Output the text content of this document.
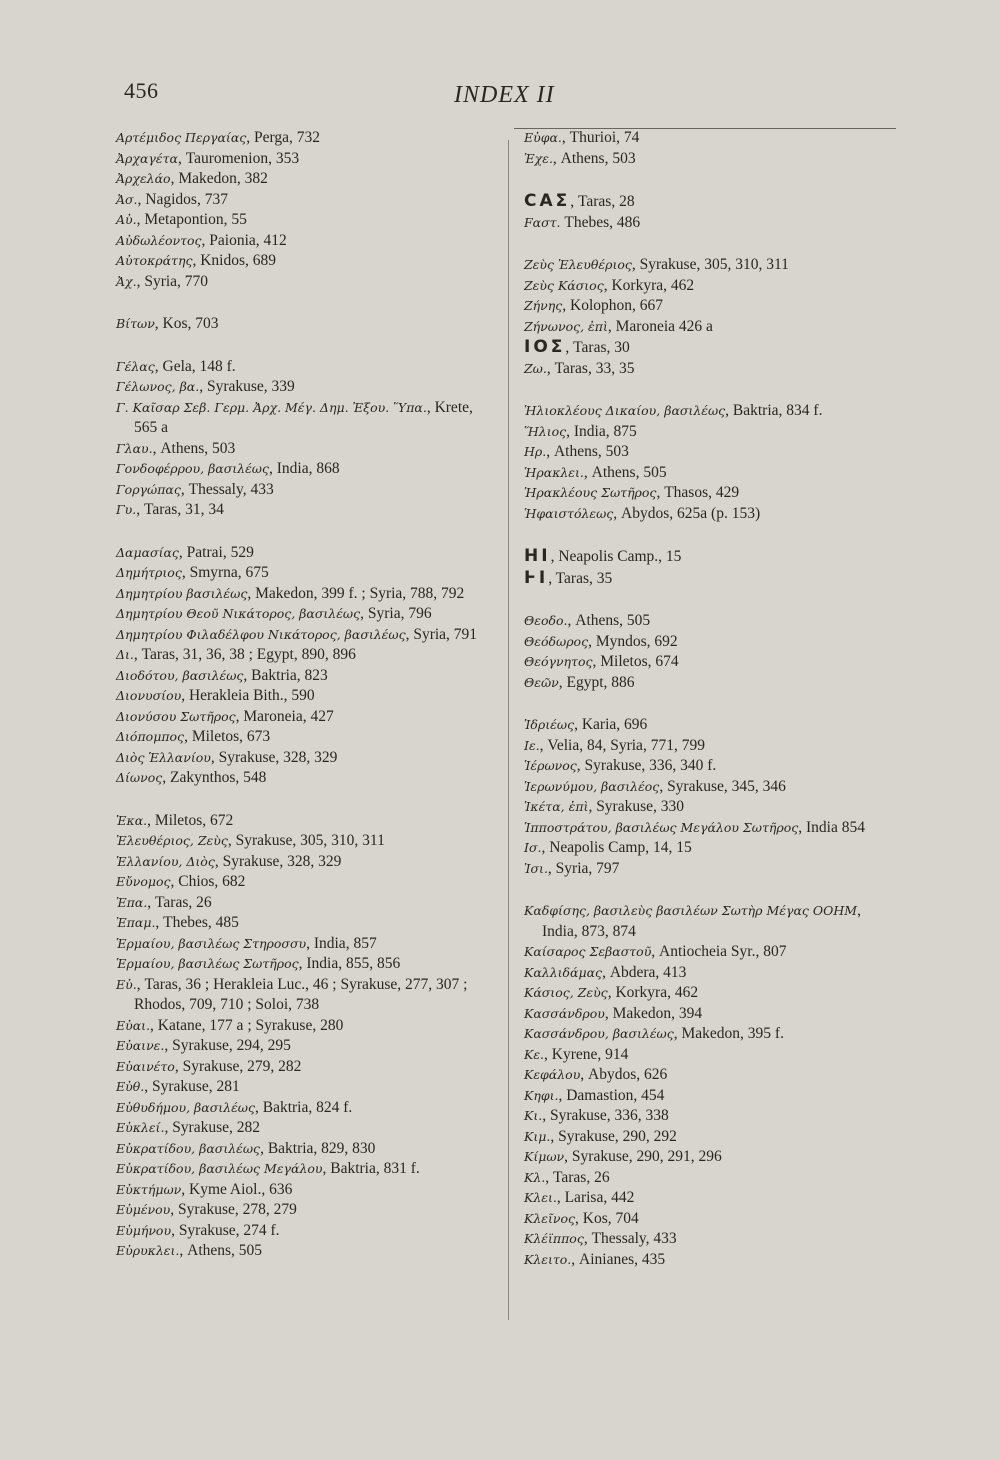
456	INDEX II
Αρτέμιδος Περγαίας, Perga, 732
Ἀρχαγέτα, Tauromenion, 353
Ἀρχελάο, Makedon, 382
Ἀσ., Nagidos, 737
Αὐ., Metapontion, 55
Αὐδωλέοντος, Paionia, 412
Αὐτοκράτης, Knidos, 689
Ἀχ., Syria, 770
Βίτων, Kos, 703
Γέλας, Gela, 148 f.
Γέλωνος, βα., Syrakuse, 339
Γ. Καῖσαρ Σεβ. Γερμ. Ἀρχ. Μέγ. Δημ. Ἐξου. Ὕπα., Krete, 565 a
Γλαυ., Athens, 503
Γονδοφέρρου, βασιλέως, India, 868
Γοργώπας, Thessaly, 433
Γυ., Taras, 31, 34
Δαμασίας, Patrai, 529
Δημήτριος, Smyrna, 675
Δημητρίου βασιλέως, Makedon, 399 f. ; Syria, 788, 792
Δημητρίου Θεοῦ Νικάτορος, βασιλέως, Syria, 796
Δημητρίου Φιλαδέλφου Νικάτορος, βασιλέως, Syria, 791
Δι., Taras, 31, 36, 38 ; Egypt, 890, 896
Διοδότου, βασιλέως, Baktria, 823
Διονυσίου, Herakleia Bith., 590
Διονύσου Σωτῆρος, Maroneia, 427
Διόπομπος, Miletos, 673
Διὸς Ἑλλανίου, Syrakuse, 328, 329
Δίωνος, Zakynthos, 548
Ἑκα., Miletos, 672
Ἐλευθέριος, Ζεὺς, Syrakuse, 305, 310, 311
Ἑλλανίου, Διὸς, Syrakuse, 328, 329
Εὔνομος, Chios, 682
Ἐπα., Taras, 26
Ἐπαμ., Thebes, 485
Ἑρμαίου, βασιλέως Στηροσσυ, India, 857
Ἑρμαίου, βασιλέως Σωτῆρος, India, 855, 856
Εὐ., Taras, 36 ; Herakleia Luc., 46 ; Syrakuse, 277, 307 ; Rhodos, 709, 710 ; Soloi, 738
Εὐαι., Katane, 177 a ; Syrakuse, 280
Εὐαινε., Syrakuse, 294, 295
Εὐαινέτο, Syrakuse, 279, 282
Εὐθ., Syrakuse, 281
Εὐθυδήμου, βασιλέως, Baktria, 824 f.
Εὐκλεί., Syrakuse, 282
Εὐκρατίδου, βασιλέως, Baktria, 829, 830
Εὐκρατίδου, βασιλέως Μεγάλου, Baktria, 831 f.
Εὐκτήμων, Kyme Aiol., 636
Εὐμένου, Syrakuse, 278, 279
Εὐμήνου, Syrakuse, 274 f.
Εὐρυκλει., Athens, 505
Εὐφα., Thurioi, 74
Ἐχε., Athens, 503
CAΣ, Taras, 28
Fαστ. Thebes, 486
Ζεὺς Ἐλευθέριος, Syrakuse, 305, 310, 311
Ζεὺς Κάσιος, Korkyra, 462
Ζήνης, Kolophon, 667
Ζήνωνος, ἐπὶ, Maroneia 426 a
IOΣ, Taras, 30
Ζω., Taras, 33, 35
Ἡλιοκλέους Δικαίου, βασιλέως, Baktria, 834 f.
Ἥλιος, India, 875
Ηρ., Athens, 503
Ἡρακλει., Athens, 505
Ἡρακλέους Σωτῆρος, Thasos, 429
Ἡφαιστόλεως, Abydos, 625a (p. 153)
HI, Neapolis Camp., 15
ⱵI, Taras, 35
Θεοδο., Athens, 505
Θεόδωρος, Myndos, 692
Θεόγνητος, Miletos, 674
Θεῶν, Egypt, 886
Ἱδριέως, Karia, 696
Ιε., Velia, 84, Syria, 771, 799
Ἱέρωνος, Syrakuse, 336, 340 f.
Ἱερωνύμου, βασιλέος, Syrakuse, 345, 346
Ἱκέτα, ἐπὶ, Syrakuse, 330
Ἱπποστράτου, βασιλέως Μεγάλου Σωτῆρος, India 854
Ισ., Neapolis Camp, 14, 15
Ἰσι., Syria, 797
Καδφίσης, βασιλεὺς βασιλέων Σωτὴρ Μέγας ΟΟΗΜ, India, 873, 874
Καίσαρος Σεβαστοῦ, Antiocheia Syr., 807
Καλλιδάμας, Abdera, 413
Κάσιος, Ζεὺς, Korkyra, 462
Κασσάνδρου, Makedon, 394
Κασσάνδρου, βασιλέως, Makedon, 395 f.
Κε., Kyrene, 914
Κεφάλου, Abydos, 626
Κηφι., Damastion, 454
Κι., Syrakuse, 336, 338
Κιμ., Syrakuse, 290, 292
Κίμων, Syrakuse, 290, 291, 296
Κλ., Taras, 26
Κλει., Larisa, 442
Κλεῖνος, Kos, 704
Κλέϊππος, Thessaly, 433
Κλειτο., Ainianes, 435
